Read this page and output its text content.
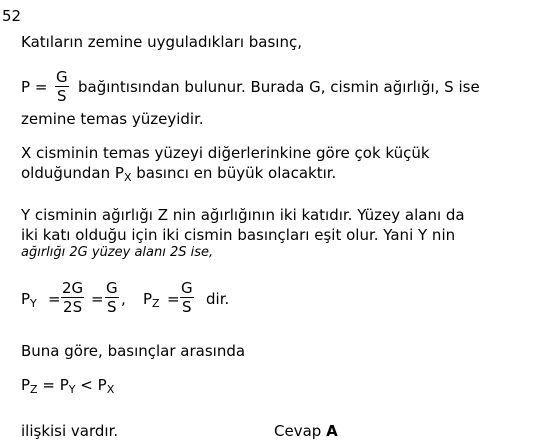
52
Katıların zemine uyguladıkları basınç,
$P = \frac{G}{S}$ bağıntısından bulunur. Burada G, cismin ağırlığı, S ise
zemine temas yüzeyidir.
X cisminin temas yüzeyi diğerlerinkine göre çok küçük
olduğundan $P_X$ basıncı en büyük olacaktır.
Y cisminin ağırlığı Z nin ağırlığının iki katıdır. Yüzey alanı da
iki katı olduğu için iki cismin basınçları eşit olur. Yani Y nin
ağırlığı 2G yüzey alanı 2S ise,
$P_Y = \frac{2G}{2S} = \frac{G}{S}$ , $P_Z = \frac{G}{S}$ dir.
Buna göre, basınçlar arasında
$P_Z = P_Y < P_X$
ilişkisi vardır.	Cevap A
